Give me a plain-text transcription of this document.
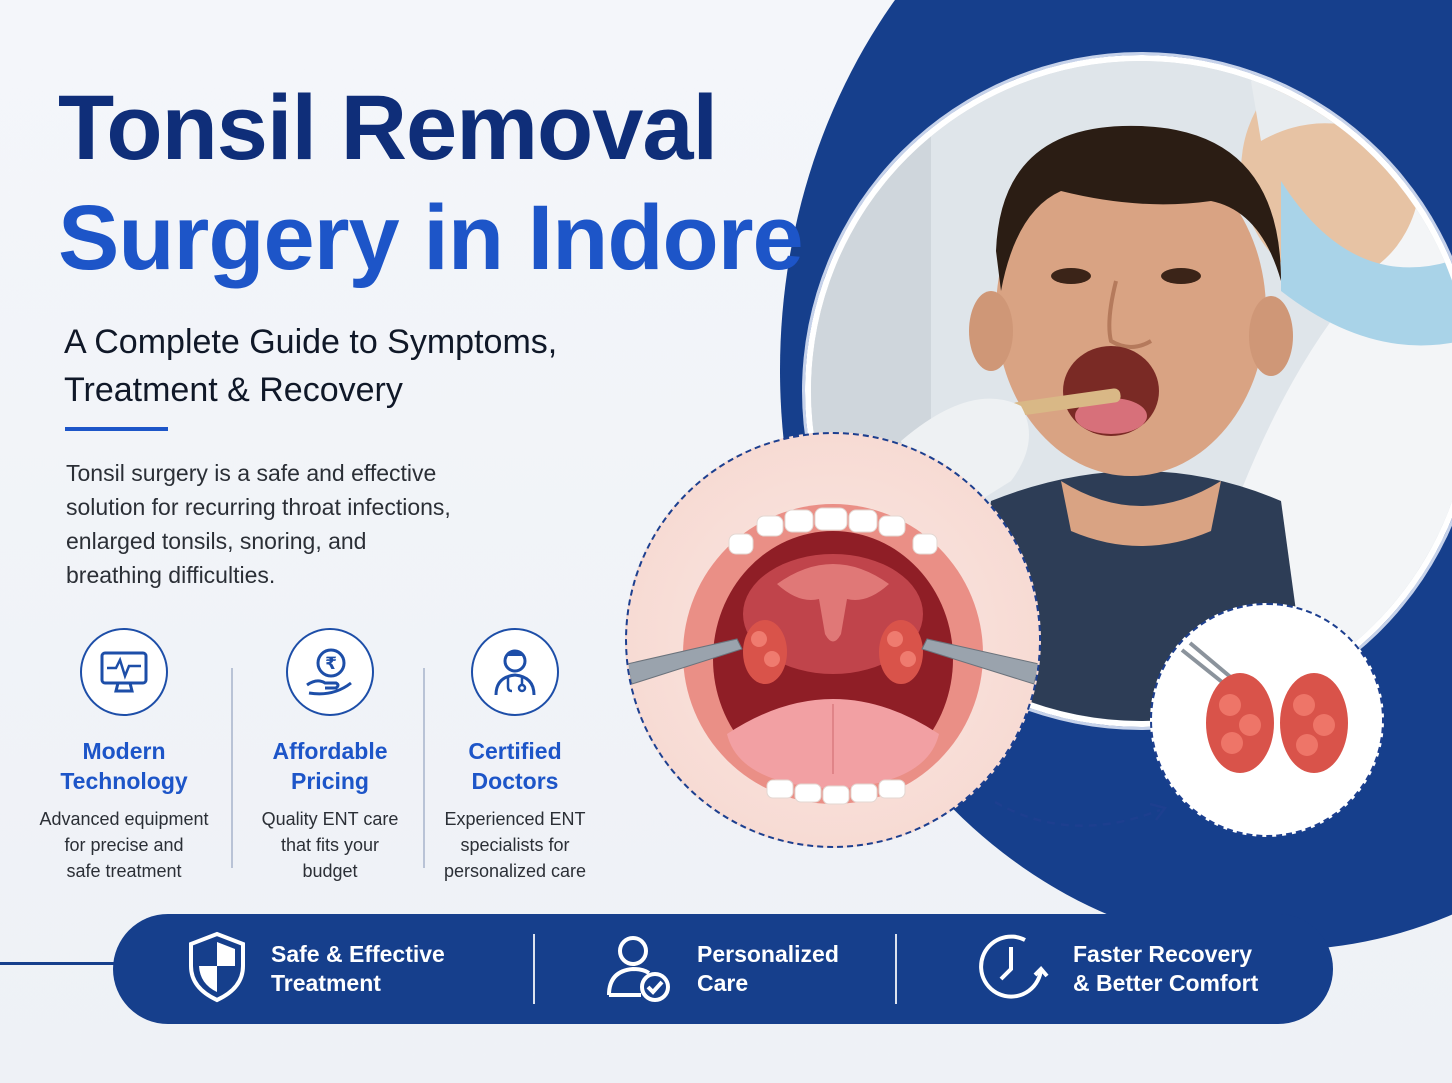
Tonsil Removal
Surgery in Indore
A Complete Guide to Symptoms,
Treatment & Recovery
Tonsil surgery is a safe and effective
solution for recurring throat infections,
enlarged tonsils, snoring, and
breathing difficulties.
Modern
Technology
Advanced equipment
for precise and
safe treatment
₹
Affordable
Pricing
Quality ENT care
that fits your
budget
Certified
Doctors
Experienced ENT
specialists for
personalized care
Safe & Effective
Treatment
Personalized
Care
Faster Recovery
& Better Comfort
